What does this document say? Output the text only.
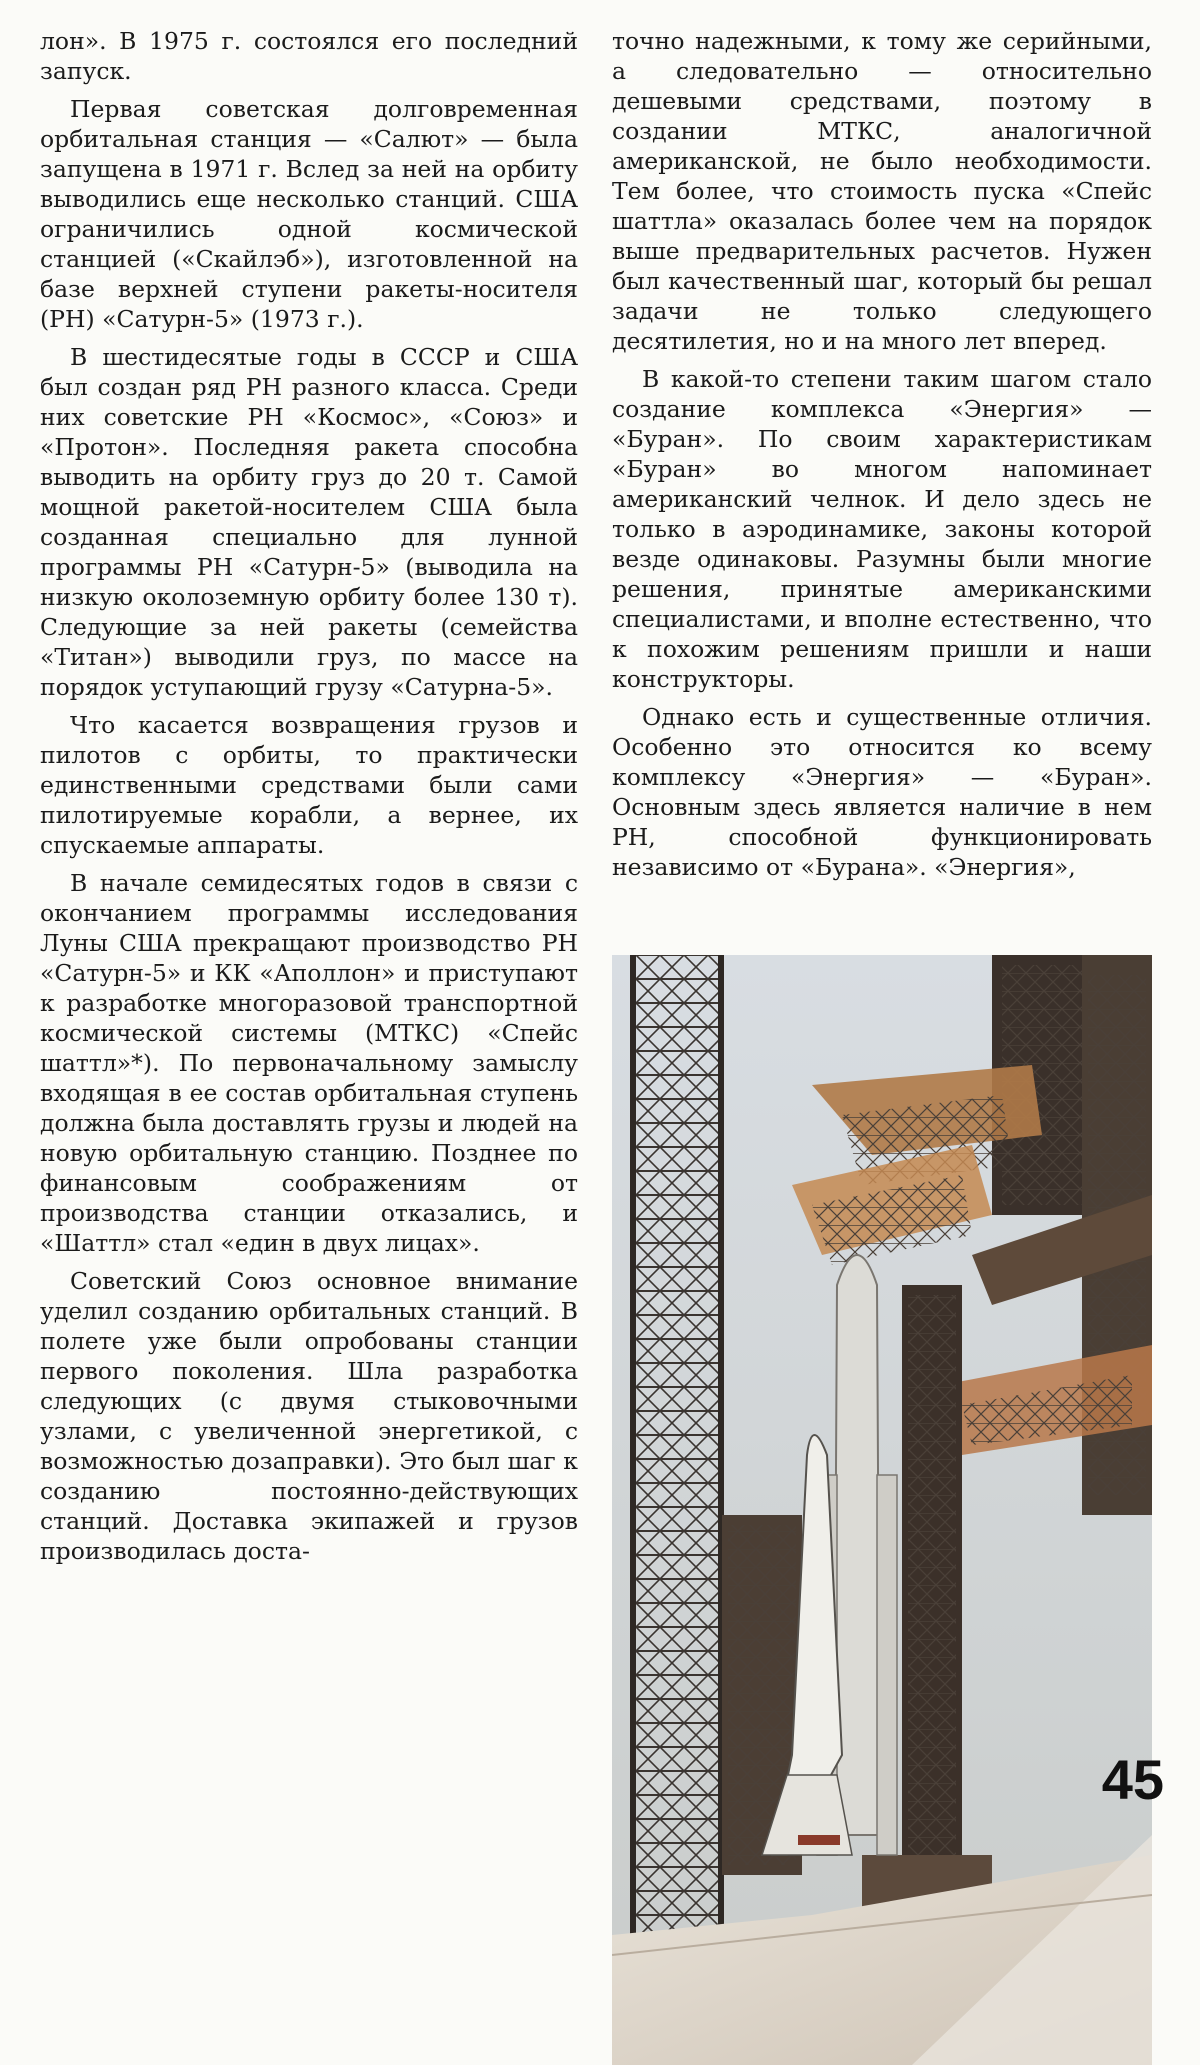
лон». В 1975 г. состоялся его последний запуск.

Первая советская долговременная орбитальная станция — «Салют» — была запущена в 1971 г. Вслед за ней на орбиту выводились еще несколько станций. США ограничились одной космической станцией («Скайлэб»), изготовленной на базе верхней ступени ракеты-носителя (РН) «Сатурн-5» (1973 г.).

В шестидесятые годы в СССР и США был создан ряд РН разного класса. Среди них советские РН «Космос», «Союз» и «Протон». Последняя ракета способна выводить на орбиту груз до 20 т. Самой мощной ракетой-носителем США была созданная специально для лунной программы РН «Сатурн-5» (выводила на низкую околоземную орбиту более 130 т). Следующие за ней ракеты (семейства «Титан») выводили груз, по массе на порядок уступающий грузу «Сатурна-5».

Что касается возвращения грузов и пилотов с орбиты, то практически единственными средствами были сами пилотируемые корабли, а вернее, их спускаемые аппараты.

В начале семидесятых годов в связи с окончанием программы исследования Луны США прекращают производство РН «Сатурн-5» и КК «Аполлон» и приступают к разработке многоразовой транспортной космической системы (МТКС) «Спейс шаттл»*). По первоначальному замыслу входящая в ее состав орбитальная ступень должна была доставлять грузы и людей на новую орбитальную станцию. Позднее по финансовым соображениям от производства станции отказались, и «Шаттл» стал «един в двух лицах».

Советский Союз основное внимание уделил созданию орбитальных станций. В полете уже были опробованы станции первого поколения. Шла разработка следующих (с двумя стыковочными узлами, с увеличенной энергетикой, с возможностью дозаправки). Это был шаг к созданию постоянно-действующих станций. Доставка экипажей и грузов производилась доста-

точно надежными, к тому же серийными, а следовательно — относительно дешевыми средствами, поэтому в создании МТКС, аналогичной американской, не было необходимости. Тем более, что стоимость пуска «Спейс шаттла» оказалась более чем на порядок выше предварительных расчетов. Нужен был качественный шаг, который бы решал задачи не только следующего десятилетия, но и на много лет вперед.

В какой-то степени таким шагом стало создание комплекса «Энергия» — «Буран». По своим характеристикам «Буран» во многом напоминает американский челнок. И дело здесь не только в аэродинамике, законы которой везде одинаковы. Разумны были многие решения, принятые американскими специалистами, и вполне естественно, что к похожим решениям пришли и наши конструкторы.

Однако есть и существенные отличия. Особенно это относится ко всему комплексу «Энергия» — «Буран». Основным здесь является наличие в нем РН, способной функционировать независимо от «Бурана». «Энергия»,

45
